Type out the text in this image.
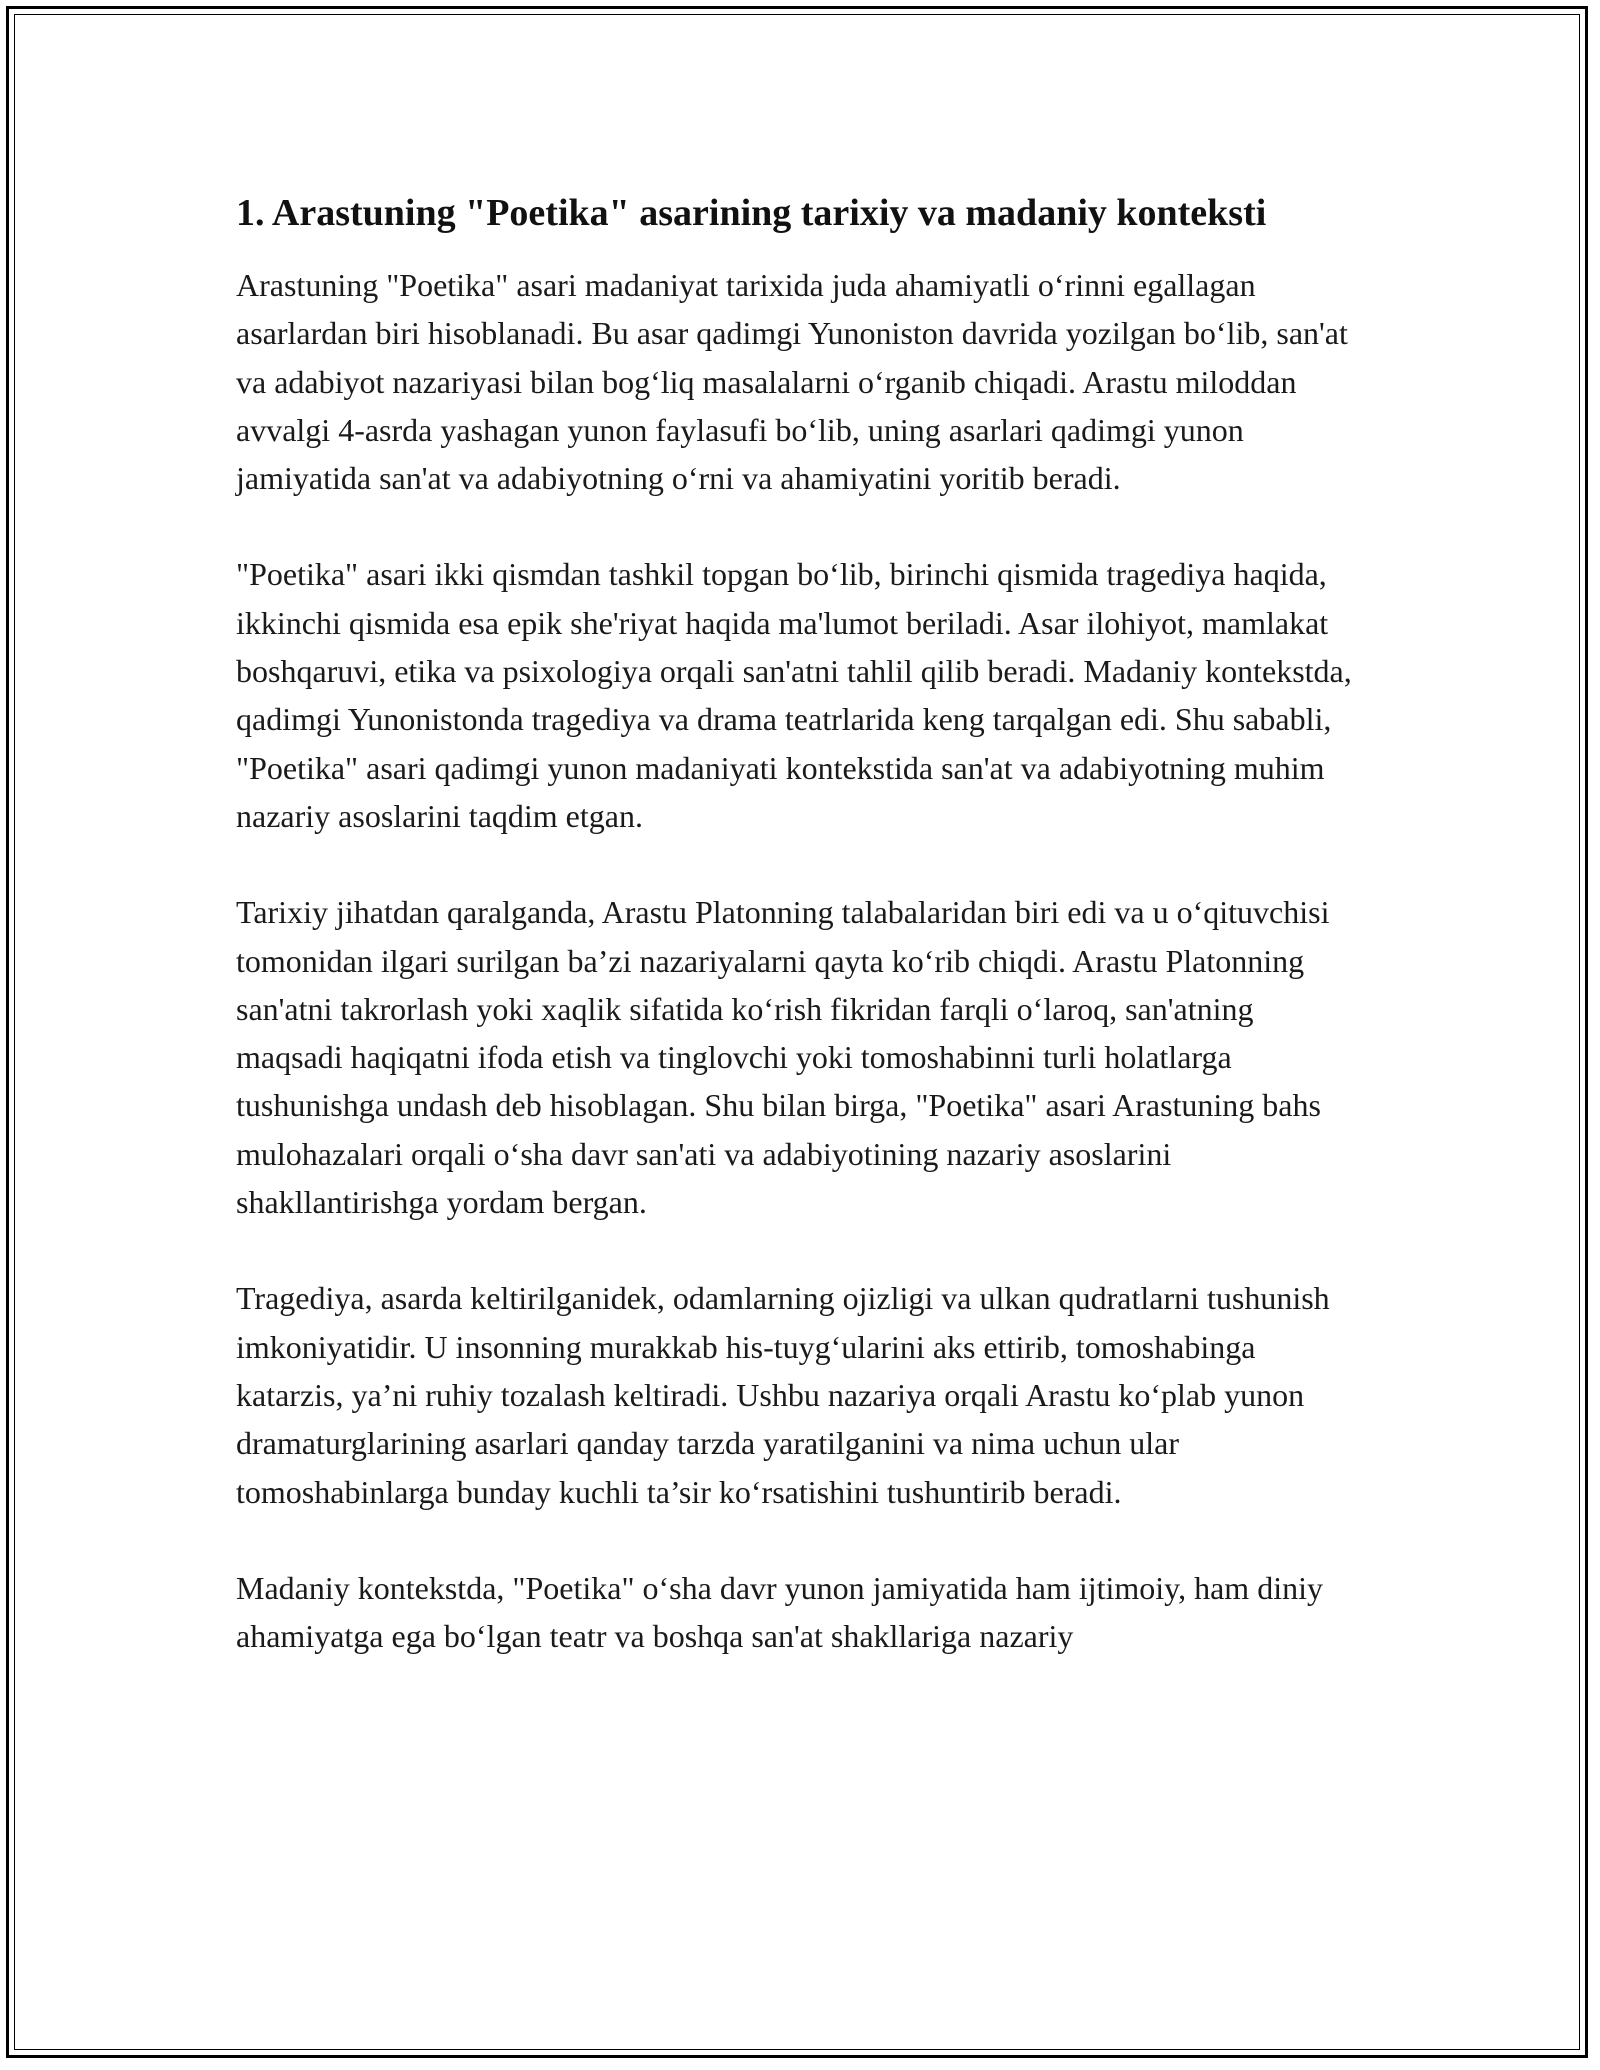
1. Arastuning "Poetika" asarining tarixiy va madaniy konteksti

Arastuning "Poetika" asari madaniyat tarixida juda ahamiyatli oʻrinni egallagan asarlardan biri hisoblanadi. Bu asar qadimgi Yunoniston davrida yozilgan boʻlib, san'at va adabiyot nazariyasi bilan bogʻliq masalalarni oʻrganib chiqadi. Arastu miloddan avvalgi 4-asrda yashagan yunon faylasufi boʻlib, uning asarlari qadimgi yunon jamiyatida san'at va adabiyotning oʻrni va ahamiyatini yoritib beradi.

"Poetika" asari ikki qismdan tashkil topgan boʻlib, birinchi qismida tragediya haqida, ikkinchi qismida esa epik she'riyat haqida ma'lumot beriladi. Asar ilohiyot, mamlakat boshqaruvi, etika va psixologiya orqali san'atni tahlil qilib beradi. Madaniy kontekstda, qadimgi Yunonistonda tragediya va drama teatrlarida keng tarqalgan edi. Shu sababli, "Poetika" asari qadimgi yunon madaniyati kontekstida san'at va adabiyotning muhim nazariy asoslarini taqdim etgan.

Tarixiy jihatdan qaralganda, Arastu Platonning talabalaridan biri edi va u oʻqituvchisi tomonidan ilgari surilgan ba’zi nazariyalarni qayta koʻrib chiqdi. Arastu Platonning san'atni takrorlash yoki xaqlik sifatida koʻrish fikridan farqli oʻlaroq, san'atning maqsadi haqiqatni ifoda etish va tinglovchi yoki tomoshabinni turli holatlarga tushunishga undash deb hisoblagan. Shu bilan birga, "Poetika" asari Arastuning bahs mulohazalari orqali oʻsha davr san'ati va adabiyotining nazariy asoslarini shakllantirishga yordam bergan.

Tragediya, asarda keltirilganidek, odamlarning ojizligi va ulkan qudratlarni tushunish imkoniyatidir. U insonning murakkab his-tuygʻularini aks ettirib, tomoshabinga katarzis, ya’ni ruhiy tozalash keltiradi. Ushbu nazariya orqali Arastu koʻplab yunon dramaturglarining asarlari qanday tarzda yaratilganini va nima uchun ular tomoshabinlarga bunday kuchli ta’sir koʻrsatishini tushuntirib beradi.

Madaniy kontekstda, "Poetika" oʻsha davr yunon jamiyatida ham ijtimoiy, ham diniy ahamiyatga ega boʻlgan teatr va boshqa san'at shakllariga nazariy
